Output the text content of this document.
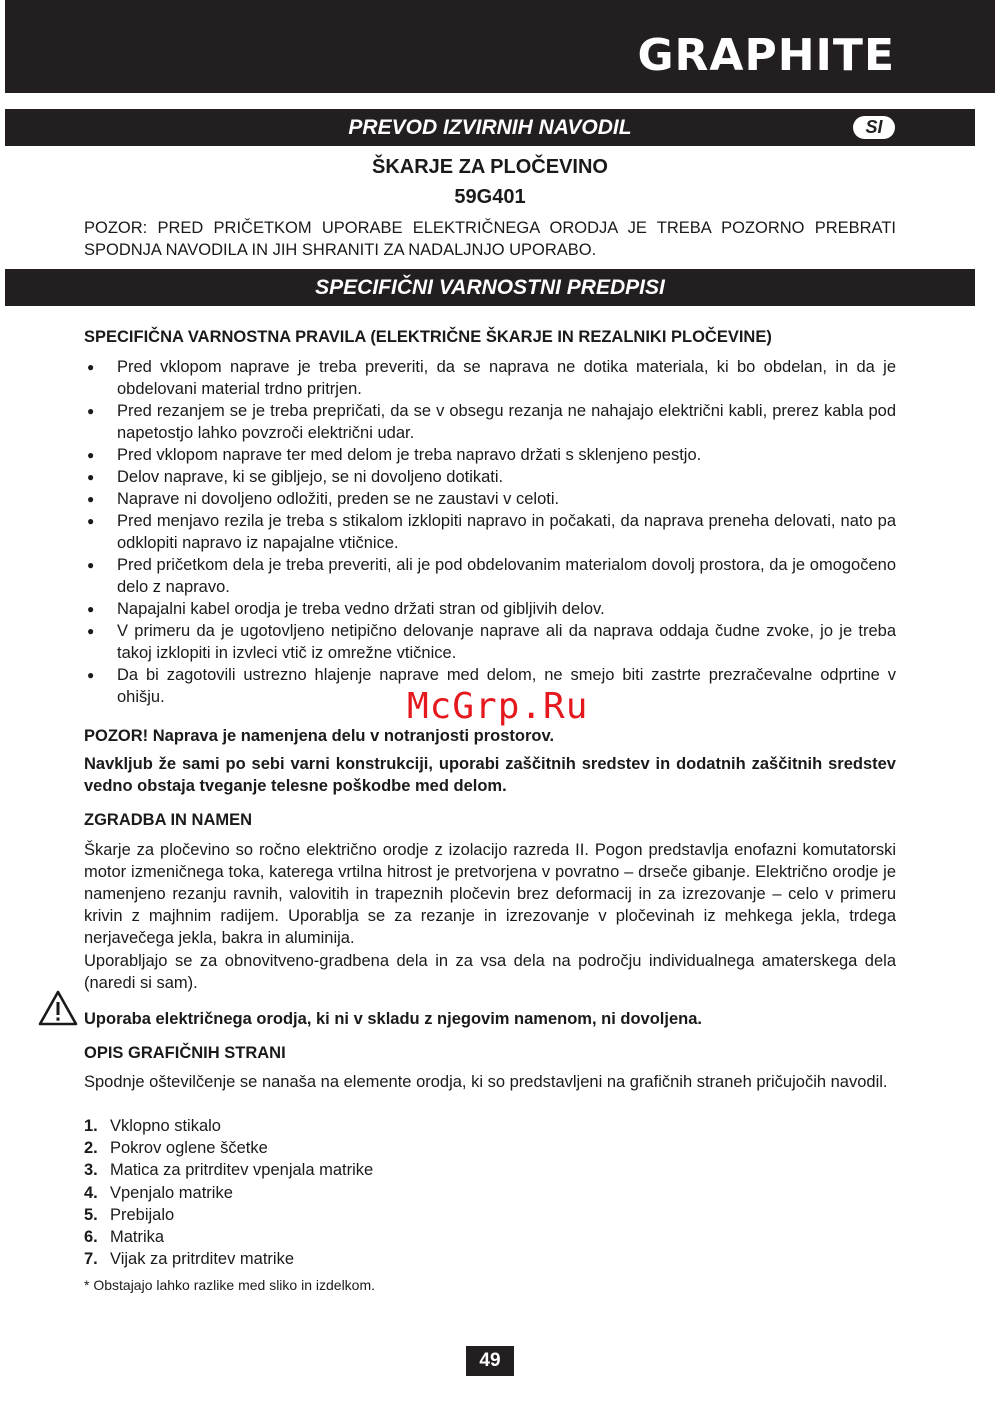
GRAPHITE
PREVOD IZVIRNIH NAVODIL	SI
ŠKARJE ZA PLOČEVINO
59G401
POZOR: PRED PRIČETKOM UPORABE ELEKTRIČNEGA ORODJA JE TREBA POZORNO PREBRATI SPODNJA NAVODILA IN JIH SHRANITI ZA NADALJNJO UPORABO.
SPECIFIČNI VARNOSTNI PREDPISI
SPECIFIČNA VARNOSTNA PRAVILA (ELEKTRIČNE ŠKARJE IN REZALNIKI PLOČEVINE)
● Pred vklopom naprave je treba preveriti, da se naprava ne dotika materiala, ki bo obdelan, in da je obdelovani material trdno pritrjen.
● Pred rezanjem se je treba prepričati, da se v obsegu rezanja ne nahajajo električni kabli, prerez kabla pod napetostjo lahko povzroči električni udar.
● Pred vklopom naprave ter med delom je treba napravo držati s sklenjeno pestjo.
● Delov naprave, ki se gibljejo, se ni dovoljeno dotikati.
● Naprave ni dovoljeno odložiti, preden se ne zaustavi v celoti.
● Pred menjavo rezila je treba s stikalom izklopiti napravo in počakati, da naprava preneha delovati, nato pa odklopiti napravo iz napajalne vtičnice.
● Pred pričetkom dela je treba preveriti, ali je pod obdelovanim materialom dovolj prostora, da je omogočeno delo z napravo.
● Napajalni kabel orodja je treba vedno držati stran od gibljivih delov.
● V primeru da je ugotovljeno netipično delovanje naprave ali da naprava oddaja čudne zvoke, jo je treba takoj izklopiti in izvleci vtič iz omrežne vtičnice.
● Da bi zagotovili ustrezno hlajenje naprave med delom, ne smejo biti zastrte prezračevalne odprtine v ohišju.	McGrp.Ru
POZOR! Naprava je namenjena delu v notranjosti prostorov.
Navkljub že sami po sebi varni konstrukciji, uporabi zaščitnih sredstev in dodatnih zaščitnih sredstev vedno obstaja tveganje telesne poškodbe med delom.
ZGRADBA IN NAMEN
Škarje za pločevino so ročno električno orodje z izolacijo razreda II. Pogon predstavlja enofazni komutatorski motor izmeničnega toka, katerega vrtilna hitrost je pretvorjena v povratno – drseče gibanje. Električno orodje je namenjeno rezanju ravnih, valovitih in trapeznih pločevin brez deformacij in za izrezovanje – celo v primeru krivin z majhnim radijem. Uporablja se za rezanje in izrezovanje v pločevinah iz mehkega jekla, trdega nerjavečega jekla, bakra in aluminija.
Uporabljajo se za obnovitveno-gradbena dela in za vsa dela na področju individualnega amaterskega dela (naredi si sam).
Uporaba električnega orodja, ki ni v skladu z njegovim namenom, ni dovoljena.
OPIS GRAFIČNIH STRANI
Spodnje oštevilčenje se nanaša na elemente orodja, ki so predstavljeni na grafičnih straneh pričujočih navodil.
1. Vklopno stikalo
2. Pokrov oglene ščetke
3. Matica za pritrditev vpenjala matrike
4. Vpenjalo matrike
5. Prebijalo
6. Matrika
7. Vijak za pritrditev matrike
* Obstajajo lahko razlike med sliko in izdelkom.
49
